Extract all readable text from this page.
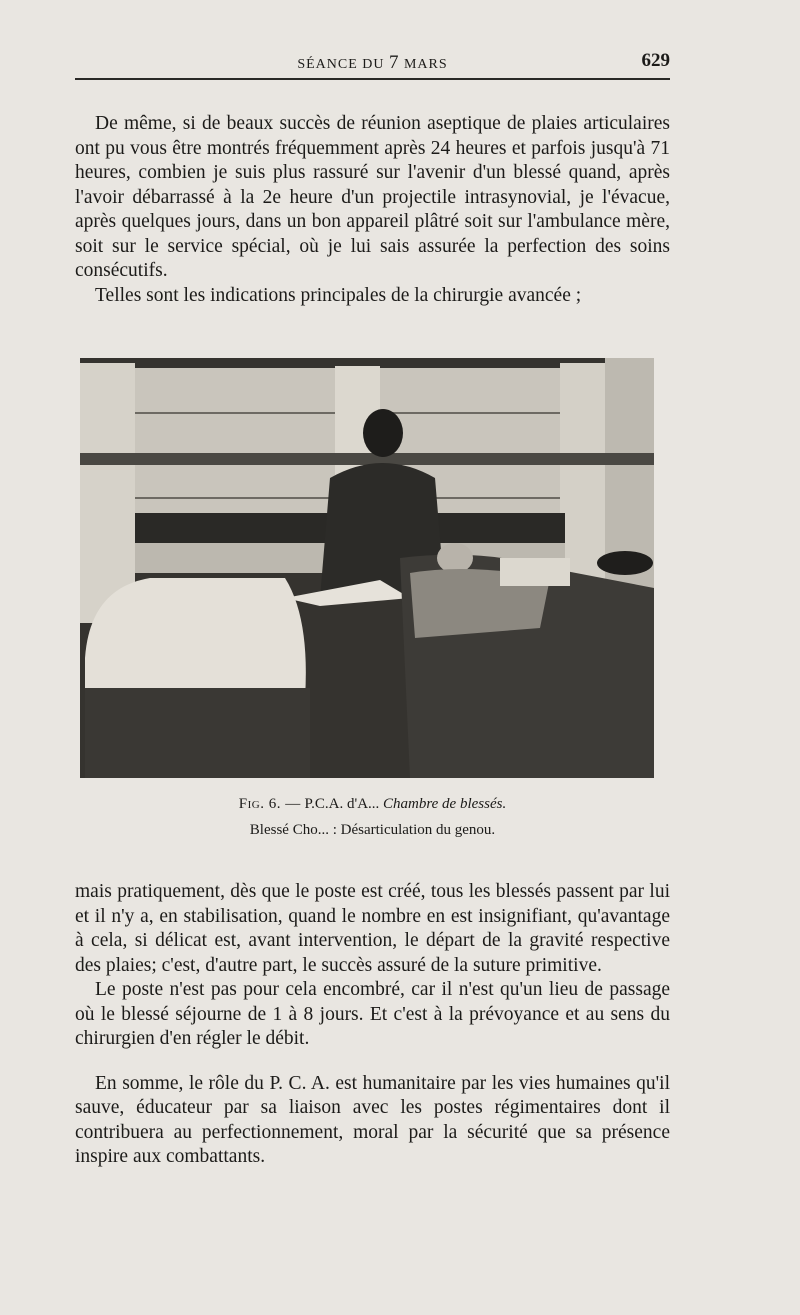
SÉANCE DU 7 MARS	629

De même, si de beaux succès de réunion aseptique de plaies articulaires ont pu vous être montrés fréquemment après 24 heures et parfois jusqu'à 71 heures, combien je suis plus rassuré sur l'avenir d'un blessé quand, après l'avoir débarrassé à la 2e heure d'un projectile intrasynovial, je l'évacue, après quelques jours, dans un bon appareil plâtré soit sur l'ambulance mère, soit sur le service spécial, où je lui sais assurée la perfection des soins consécutifs.

Telles sont les indications principales de la chirurgie avancée ;

Fig. 6. — P.C.A. d'A... Chambre de blessés.
Blessé Cho... : Désarticulation du genou.

mais pratiquement, dès que le poste est créé, tous les blessés passent par lui et il n'y a, en stabilisation, quand le nombre en est insignifiant, qu'avantage à cela, si délicat est, avant intervention, le départ de la gravité respective des plaies; c'est, d'autre part, le succès assuré de la suture primitive.

Le poste n'est pas pour cela encombré, car il n'est qu'un lieu de passage où le blessé séjourne de 1 à 8 jours. Et c'est à la prévoyance et au sens du chirurgien d'en régler le débit.

En somme, le rôle du P. C. A. est humanitaire par les vies humaines qu'il sauve, éducateur par sa liaison avec les postes régimentaires dont il contribuera au perfectionnement, moral par la sécurité que sa présence inspire aux combattants.
